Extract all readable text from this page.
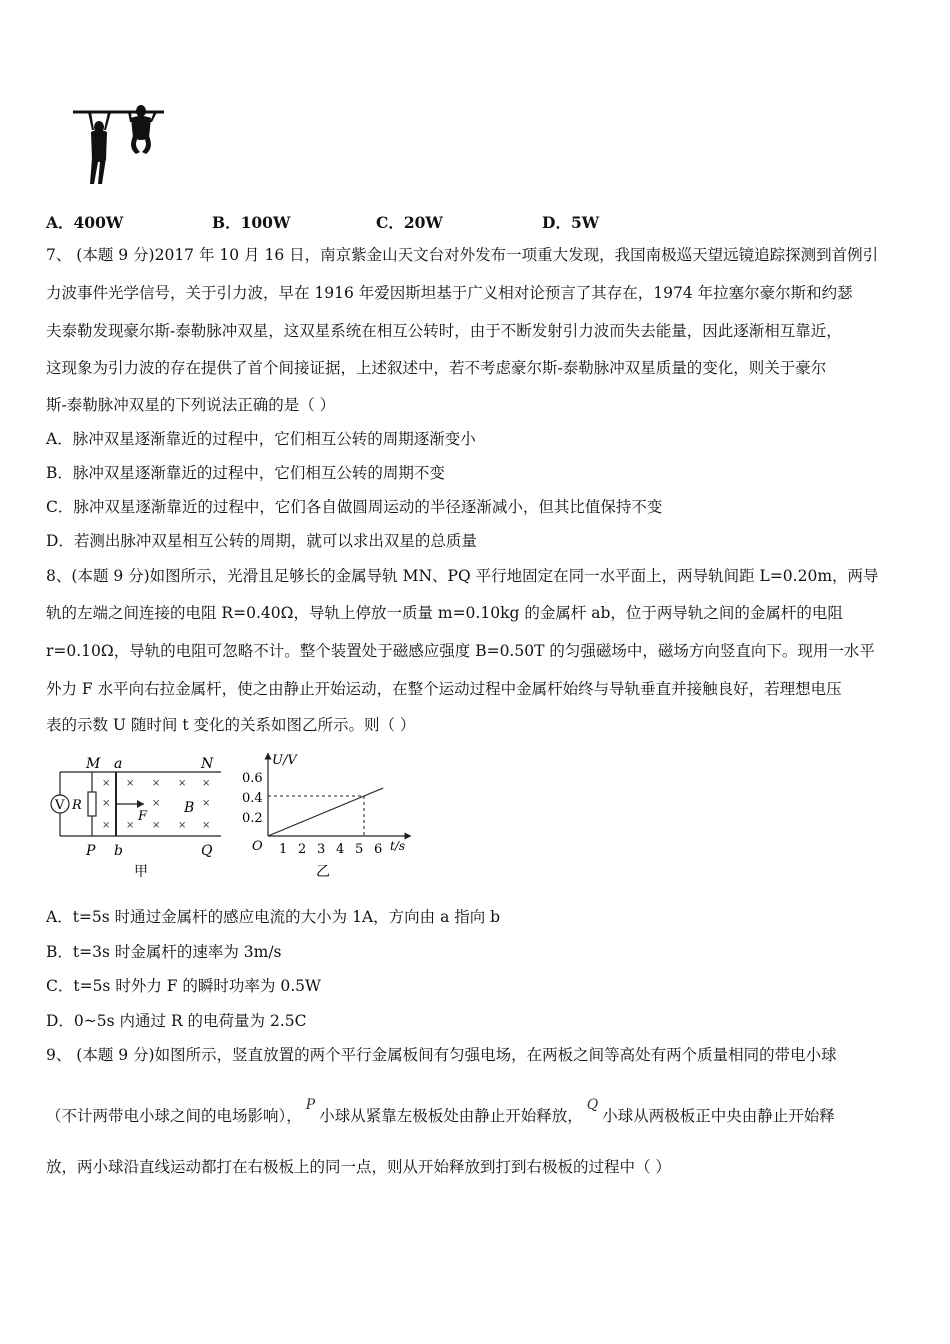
A．400W	B．100W	C．20W	D．5W
7、 (本题 9 分)2017 年 10 月 16 日，南京紫金山天文台对外发布一项重大发现，我国南极巡天望远镜追踪探测到首例引
力波事件光学信号，关于引力波，早在 1916 年爱因斯坦基于广义相对论预言了其存在，1974 年拉塞尔豪尔斯和约瑟
夫泰勒发现豪尔斯-泰勒脉冲双星，这双星系统在相互公转时，由于不断发射引力波而失去能量，因此逐渐相互靠近，
这现象为引力波的存在提供了首个间接证据，上述叙述中，若不考虑豪尔斯-泰勒脉冲双星质量的变化，则关于豪尔
斯-泰勒脉冲双星的下列说法正确的是（ ）
A．脉冲双星逐渐靠近的过程中，它们相互公转的周期逐渐变小
B．脉冲双星逐渐靠近的过程中，它们相互公转的周期不变
C．脉冲双星逐渐靠近的过程中，它们各自做圆周运动的半径逐渐减小，但其比值保持不变
D．若测出脉冲双星相互公转的周期，就可以求出双星的总质量
8、(本题 9 分)如图所示，光滑且足够长的金属导轨 MN、PQ 平行地固定在同一水平面上，两导轨间距 L=0.20m，两导
轨的左端之间连接的电阻 R=0.40Ω，导轨上停放一质量 m=0.10kg 的金属杆 ab，位于两导轨之间的金属杆的电阻
r=0.10Ω，导轨的电阻可忽略不计。整个装置处于磁感应强度 B=0.50T 的匀强磁场中，磁场方向竖直向下。现用一水平
外力 F 水平向右拉金属杆，使之由静止开始运动，在整个运动过程中金属杆始终与导轨垂直并接触良好，若理想电压
表的示数 U 随时间 t 变化的关系如图乙所示。则（ ）
V R
F
×
×
×
×
×
×
×
×
×
×
×
×
×
B
M a	N
P b	Q
甲
U/V
t/s
O
0.6
0.4
0.2
1 2 3 4 5 6
乙
A．t=5s 时通过金属杆的感应电流的大小为 1A，方向由 a 指向 b
B．t=3s 时金属杆的速率为 3m/s
C．t=5s 时外力 F 的瞬时功率为 0.5W
D．0~5s 内通过 R 的电荷量为 2.5C
9、 (本题 9 分)如图所示，竖直放置的两个平行金属板间有匀强电场，在两板之间等高处有两个质量相同的带电小球
（不计两带电小球之间的电场影响），P小球从紧靠左极板处由静止开始释放，Q小球从两极板正中央由静止开始释
放，两小球沿直线运动都打在右极板上的同一点，则从开始释放到打到右极板的过程中（ ）
